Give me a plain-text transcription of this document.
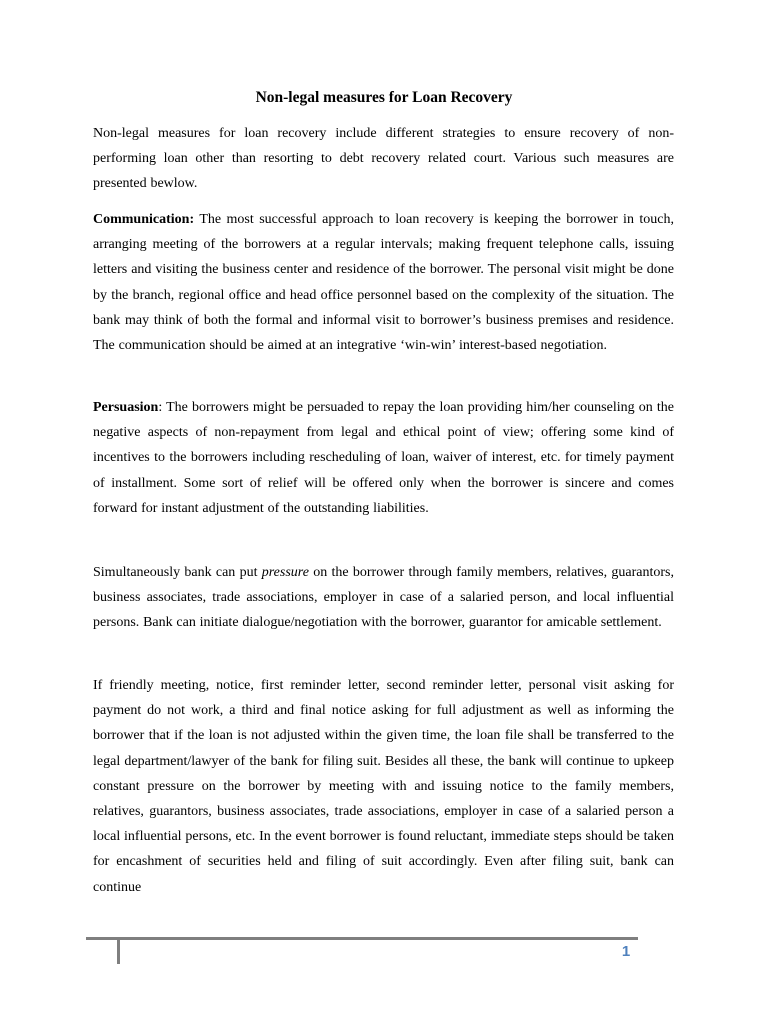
Non-legal measures for Loan Recovery

Non-legal measures for loan recovery include different strategies to ensure recovery of non-performing loan other than resorting to debt recovery related court. Various such measures are presented bewlow.

Communication: The most successful approach to loan recovery is keeping the borrower in touch, arranging meeting of the borrowers at a regular intervals; making frequent telephone calls, issuing letters and visiting the business center and residence of the borrower. The personal visit might be done by the branch, regional office and head office personnel based on the complexity of the situation. The bank may think of both the formal and informal visit to borrower’s business premises and residence. The communication should be aimed at an integrative ‘win-win’ interest-based negotiation.

Persuasion: The borrowers might be persuaded to repay the loan providing him/her counseling on the negative aspects of non-repayment from legal and ethical point of view; offering some kind of incentives to the borrowers including rescheduling of loan, waiver of interest, etc. for timely payment of installment. Some sort of relief will be offered only when the borrower is sincere and comes forward for instant adjustment of the outstanding liabilities.

Simultaneously bank can put pressure on the borrower through family members, relatives, guarantors, business associates, trade associations, employer in case of a salaried person, and local influential persons. Bank can initiate dialogue/negotiation with the borrower, guarantor for amicable settlement.

If friendly meeting, notice, first reminder letter, second reminder letter, personal visit asking for payment do not work, a third and final notice asking for full adjustment as well as informing the borrower that if the loan is not adjusted within the given time, the loan file shall be transferred to the legal department/lawyer of the bank for filing suit. Besides all these, the bank will continue to upkeep constant pressure on the borrower by meeting with and issuing notice to the family members, relatives, guarantors, business associates, trade associations, employer in case of a salaried person a local influential persons, etc. In the event borrower is found reluctant, immediate steps should be taken for encashment of securities held and filing of suit accordingly. Even after filing suit, bank can continue

1
